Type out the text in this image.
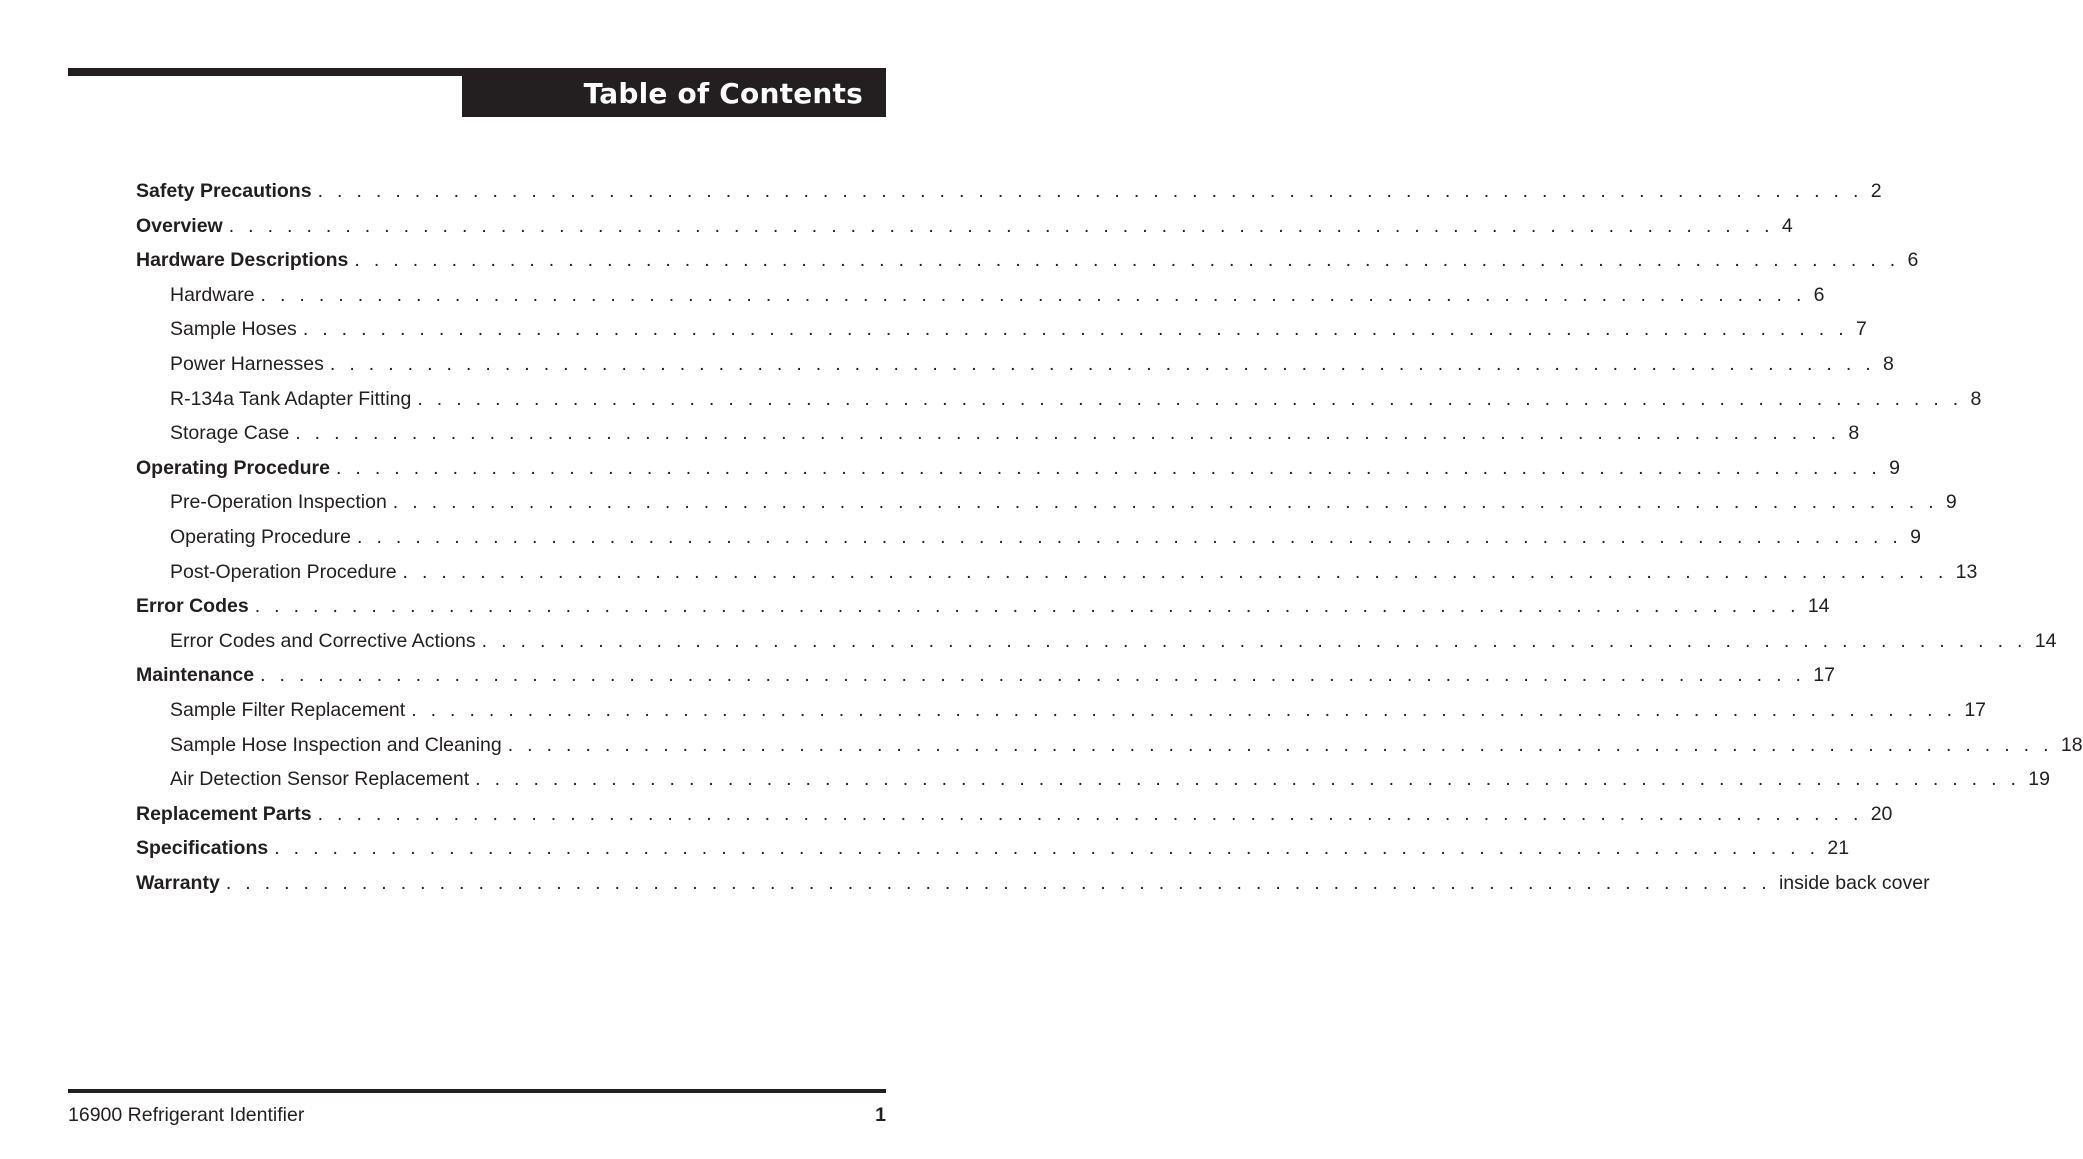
Table of Contents
Safety Precautions . . . . . . . . . . . . . . . . . . . . . . . . . . . . . . . . . . . . . . . . . . . . . . . . . . . . . . . . . . . . . . . . . . . . . . . . . . . . . . . . 2
Overview . . . . . . . . . . . . . . . . . . . . . . . . . . . . . . . . . . . . . . . . . . . . . . . . . . . . . . . . . . . . . . . . . . . . . . . . . . . . . . . . 4
Hardware Descriptions . . . . . . . . . . . . . . . . . . . . . . . . . . . . . . . . . . . . . . . . . . . . . . . . . . . . . . . . . . . . . . . . . . . . . . . . . . . . . . . . 6
Hardware . . . . . . . . . . . . . . . . . . . . . . . . . . . . . . . . . . . . . . . . . . . . . . . . . . . . . . . . . . . . . . . . . . . . . . . . . . . . . . . . 6
Sample Hoses . . . . . . . . . . . . . . . . . . . . . . . . . . . . . . . . . . . . . . . . . . . . . . . . . . . . . . . . . . . . . . . . . . . . . . . . . . . . . . . . 7
Power Harnesses . . . . . . . . . . . . . . . . . . . . . . . . . . . . . . . . . . . . . . . . . . . . . . . . . . . . . . . . . . . . . . . . . . . . . . . . . . . . . . . . 8
R-134a Tank Adapter Fitting . . . . . . . . . . . . . . . . . . . . . . . . . . . . . . . . . . . . . . . . . . . . . . . . . . . . . . . . . . . . . . . . . . . . . . . . . . . . . . . . 8
Storage Case . . . . . . . . . . . . . . . . . . . . . . . . . . . . . . . . . . . . . . . . . . . . . . . . . . . . . . . . . . . . . . . . . . . . . . . . . . . . . . . . 8
Operating Procedure . . . . . . . . . . . . . . . . . . . . . . . . . . . . . . . . . . . . . . . . . . . . . . . . . . . . . . . . . . . . . . . . . . . . . . . . . . . . . . . . 9
Pre-Operation Inspection . . . . . . . . . . . . . . . . . . . . . . . . . . . . . . . . . . . . . . . . . . . . . . . . . . . . . . . . . . . . . . . . . . . . . . . . . . . . . . . . 9
Operating Procedure . . . . . . . . . . . . . . . . . . . . . . . . . . . . . . . . . . . . . . . . . . . . . . . . . . . . . . . . . . . . . . . . . . . . . . . . . . . . . . . . 9
Post-Operation Procedure . . . . . . . . . . . . . . . . . . . . . . . . . . . . . . . . . . . . . . . . . . . . . . . . . . . . . . . . . . . . . . . . . . . . . . . . . . . . . . . . 13
Error Codes . . . . . . . . . . . . . . . . . . . . . . . . . . . . . . . . . . . . . . . . . . . . . . . . . . . . . . . . . . . . . . . . . . . . . . . . . . . . . . . . 14
Error Codes and Corrective Actions . . . . . . . . . . . . . . . . . . . . . . . . . . . . . . . . . . . . . . . . . . . . . . . . . . . . . . . . . . . . . . . . . . . . . . . . . . . . . . . . 14
Maintenance . . . . . . . . . . . . . . . . . . . . . . . . . . . . . . . . . . . . . . . . . . . . . . . . . . . . . . . . . . . . . . . . . . . . . . . . . . . . . . . . 17
Sample Filter Replacement . . . . . . . . . . . . . . . . . . . . . . . . . . . . . . . . . . . . . . . . . . . . . . . . . . . . . . . . . . . . . . . . . . . . . . . . . . . . . . . . 17
Sample Hose Inspection and Cleaning . . . . . . . . . . . . . . . . . . . . . . . . . . . . . . . . . . . . . . . . . . . . . . . . . . . . . . . . . . . . . . . . . . . . . . . . . . . . . . . . 18
Air Detection Sensor Replacement . . . . . . . . . . . . . . . . . . . . . . . . . . . . . . . . . . . . . . . . . . . . . . . . . . . . . . . . . . . . . . . . . . . . . . . . . . . . . . . . 19
Replacement Parts . . . . . . . . . . . . . . . . . . . . . . . . . . . . . . . . . . . . . . . . . . . . . . . . . . . . . . . . . . . . . . . . . . . . . . . . . . . . . . . . 20
Specifications . . . . . . . . . . . . . . . . . . . . . . . . . . . . . . . . . . . . . . . . . . . . . . . . . . . . . . . . . . . . . . . . . . . . . . . . . . . . . . . . 21
Warranty . . . . . . . . . . . . . . . . . . . . . . . . . . . . . . . . . . . . . . . . . . . . . . . . . . . . . . . . . . . . . . . . . . . . . . . . . . . . . . . . inside back cover
16900 Refrigerant Identifier	1
